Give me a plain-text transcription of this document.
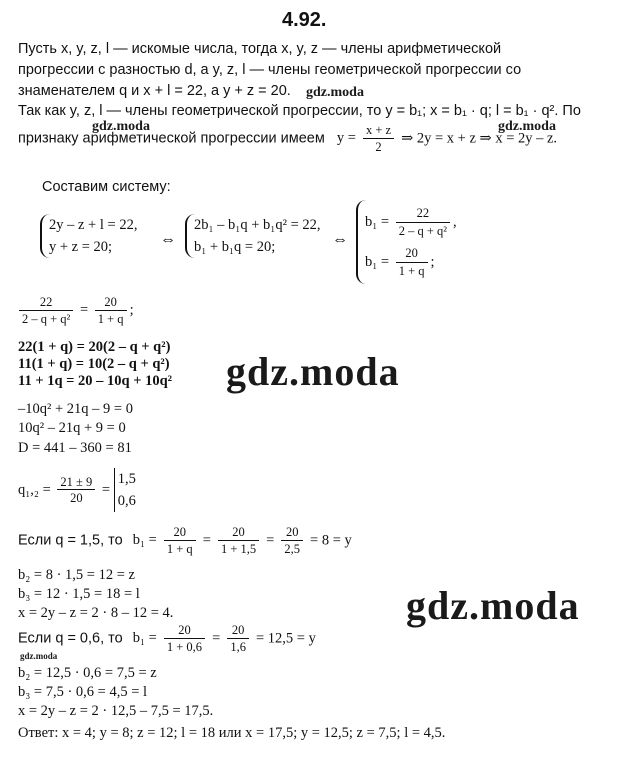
4.92.
Пусть x, y, z, l — искомые числа, тогда x, y, z — члены арифметической
прогрессии с разностью d, а y, z, l — члены геометрической прогрессии со
знаменателем q и x + l = 22, а y + z = 20.
Так как y, z, l — члены геометрической прогрессии, то y = b₁; x = b₁ · q; l = b₁ · q². По
признаку арифметической прогрессии имеем $y = \frac{x + z}{2}$ ⇒ 2y = x + z ⇒ x = 2y – z.
Составим систему:
2y – z + l = 22,
y + z = 20;	⇔
2b₁ – b₁q + b₁q² = 22,
b₁ + b₁q = 20;	⇔
$b_1 = \frac{22}{\text{2 – q + q²}}$ ,
$b_1 = \frac{20}{1 + q}$ ;
$\frac{22}{\text{2 – q + q²}} = \frac{20}{1 + q}$ ;
22(1 + q) = 20(2 – q + q²)
11(1 + q) = 10(2 – q + q²)
11 + 1q = 20 – 10q + 10q²
–10q² + 21q – 9 = 0
10q² – 21q + 9 = 0
D = 441 – 360 = 81
$q_1,_2 = \frac{21 \pm 9}{20}$ =
1,5
0,6
Если q = 1,5, то $b_1 = \frac{20}{1 + q} = \frac{20}{1 + 1,5} = \frac{20}{2,5} = 8 = y$
b₂ = 8 · 1,5 = 12 = z
b₃ = 12 · 1,5 = 18 = l
x = 2y – z = 2 · 8 – 12 = 4.
Если q = 0,6, то $b_1 = \frac{20}{1 + 0,6} = \frac{20}{1,6} = 12,5 = y$
b₂ = 12,5 · 0,6 = 7,5 = z
b₃ = 7,5 · 0,6 = 4,5 = l
x = 2y – z = 2 · 12,5 – 7,5 = 17,5.
Ответ: x = 4; y = 8; z = 12; l = 18 или x = 17,5; y = 12,5; z = 7,5; l = 4,5.
gdz.moda
gdz.moda	gdz.moda
gdz.moda
gdz.moda
gdz.moda
